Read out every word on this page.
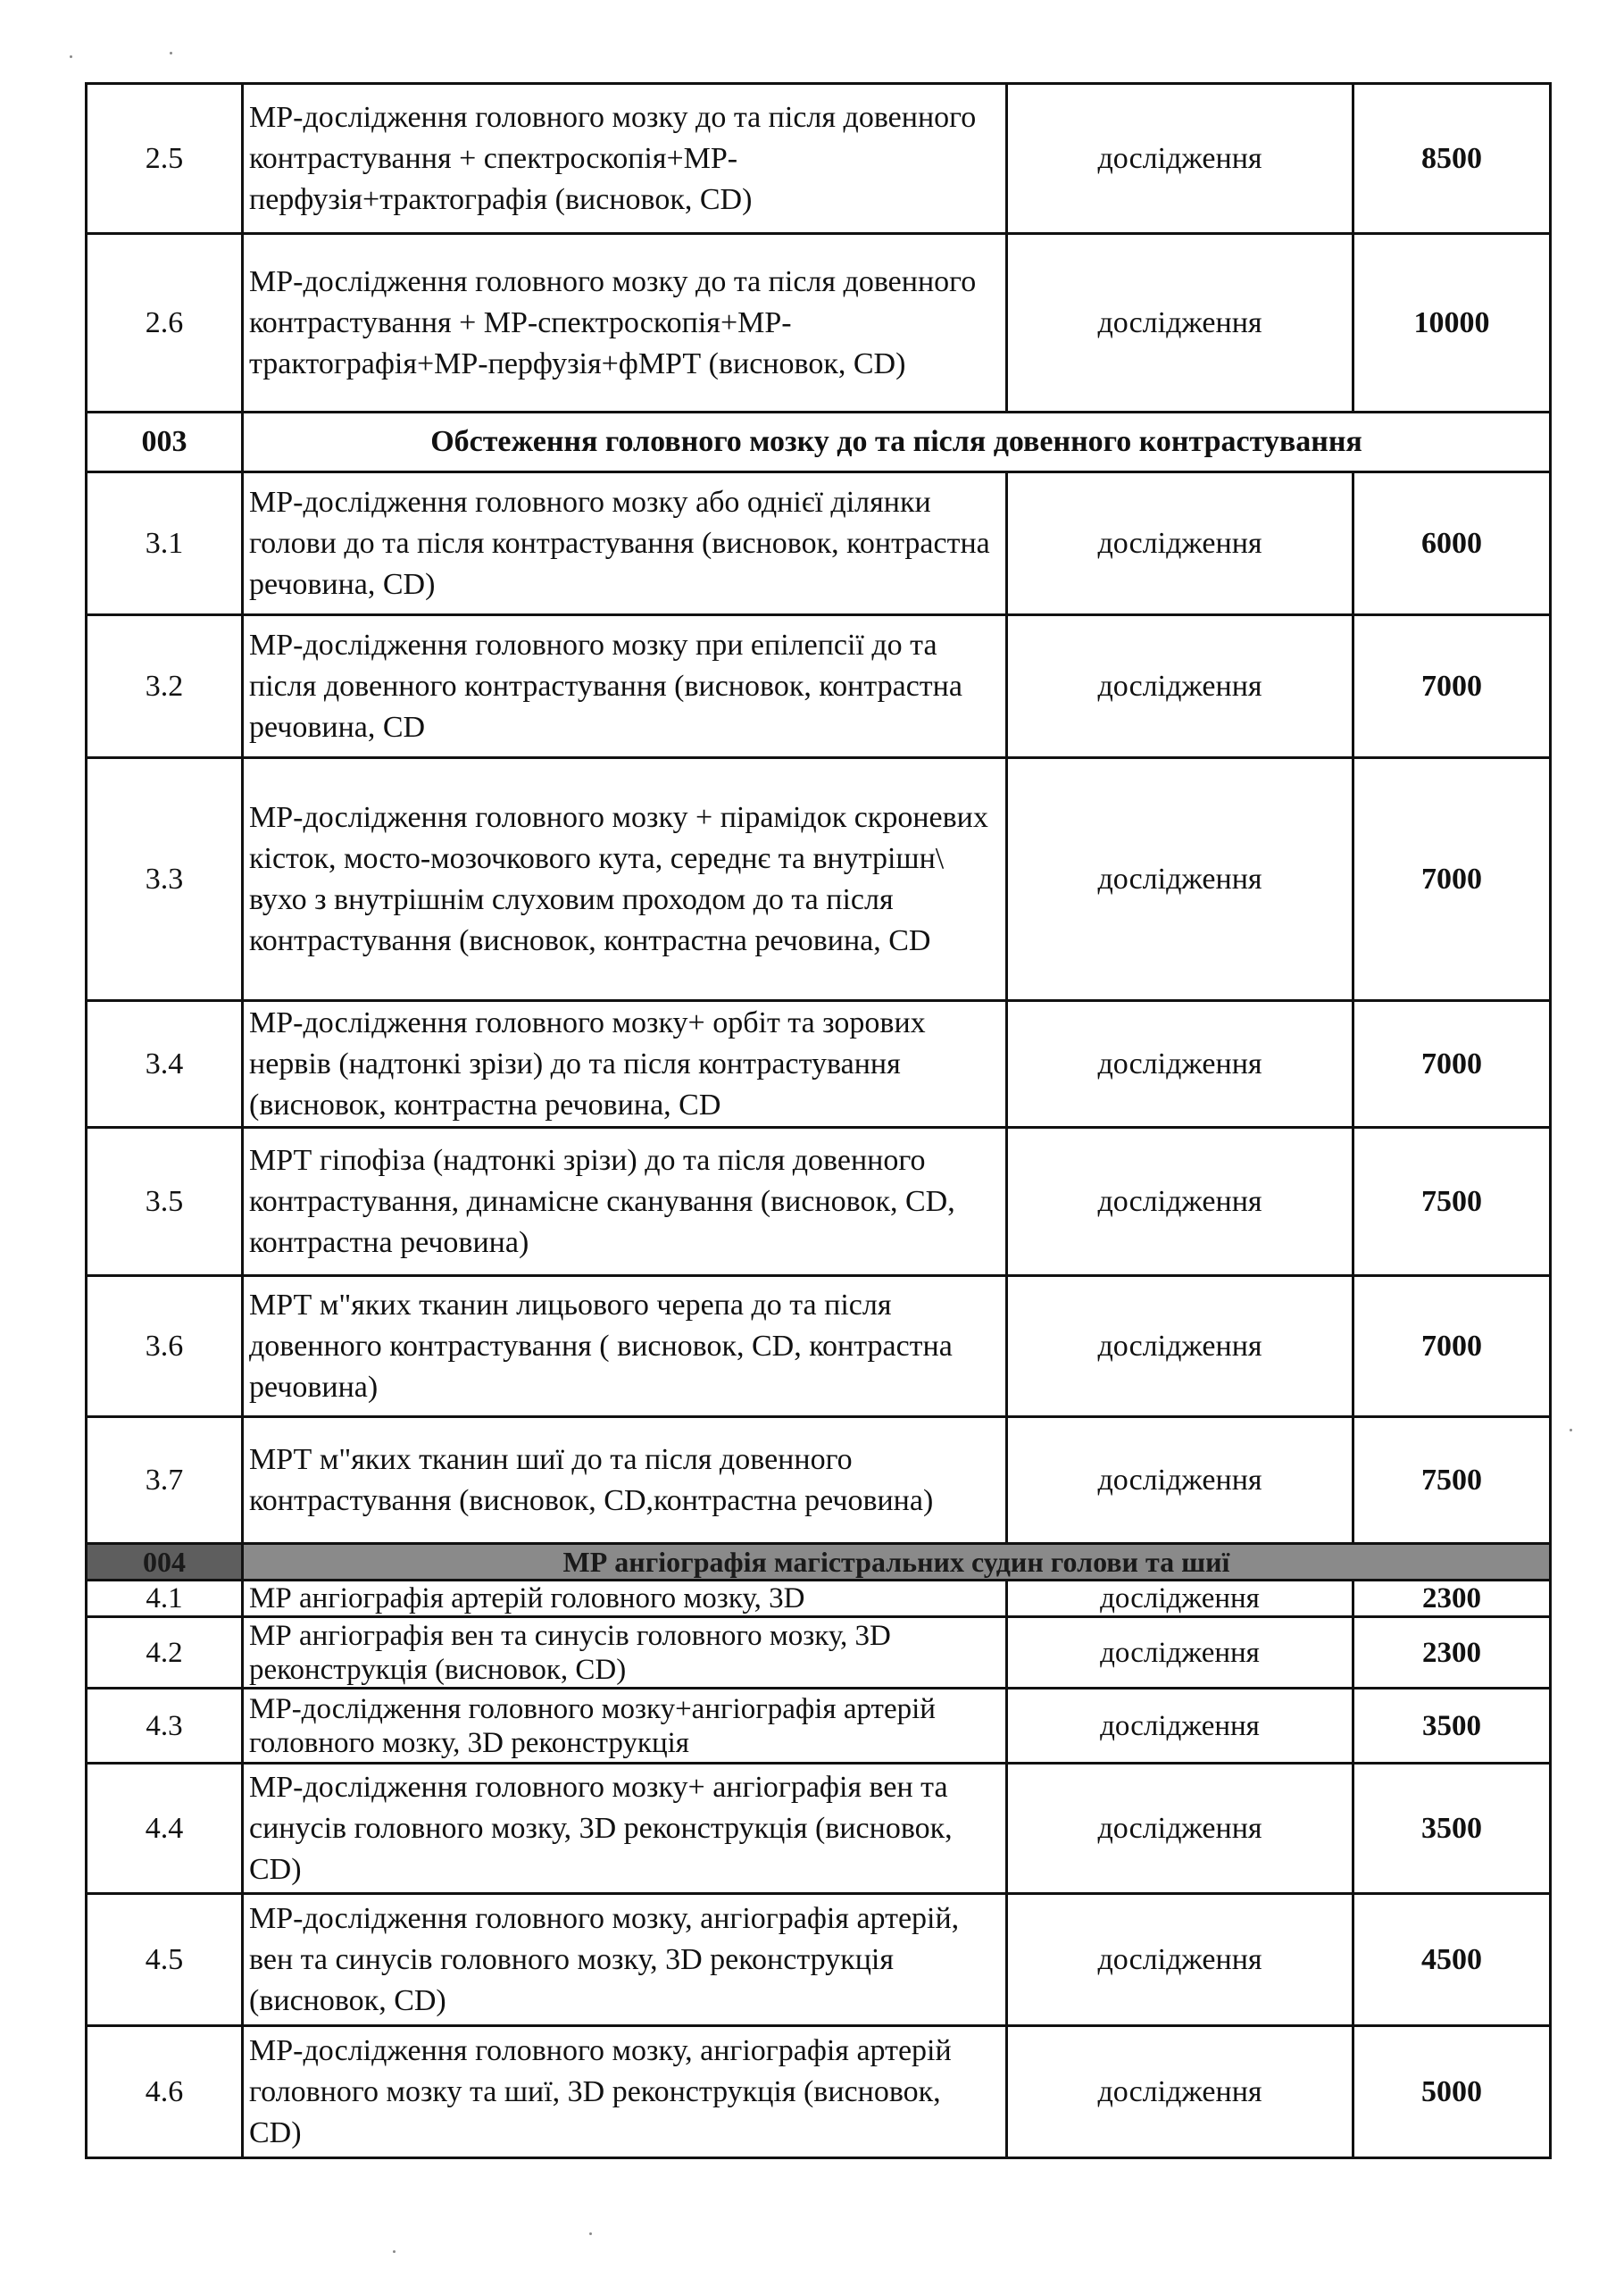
2.5	МР-дослідження головного мозку до та після довенного контрастування + спектроскопія+МР-перфузія+трактографія (висновок, CD)	дослідження	8500
2.6	МР-дослідження головного мозку до та після довенного контрастування + МР-спектроскопія+МР-трактографія+МР-перфузія+фМРТ (висновок, CD)	дослідження	10000
003	Обстеження головного мозку до та після довенного контрастування		
3.1	МР-дослідження головного мозку або однієї ділянки голови до та після контрастування (висновок, контрастна речовина, CD)	дослідження	6000
3.2	МР-дослідження головного мозку при епілепсії до та після довенного контрастування (висновок, контрастна речовина, CD	дослідження	7000
3.3	МР-дослідження головного мозку + пірамідок скроневих кісток, мосто-мозочкового кута, середнє та внутрішн\ вухо з внутрішнім слуховим проходом до та після контрастування (висновок, контрастна речовина, CD	дослідження	7000
3.4	МР-дослідження головного мозку+ орбіт та зорових нервів (надтонкі зрізи) до та після контрастування (висновок, контрастна речовина, CD	дослідження	7000
3.5	МРТ гіпофіза (надтонкі зрізи) до та після довенного контрастування, динамісне сканування (висновок, CD, контрастна речовина)	дослідження	7500
3.6	МРТ м"яких тканин лицьового черепа до та після довенного контрастування ( висновок, CD, контрастна речовина)	дослідження	7000
3.7	МРТ м"яких тканин шиї до та після довенного контрастування (висновок, CD,контрастна речовина)	дослідження	7500
004	МР ангіографія магістральних судин голови та шиї		
4.1	МР ангіографія артерій головного мозку, 3D	дослідження	2300
4.2	МР ангіографія вен та синусів головного мозку, 3D реконструкція (висновок, CD)	дослідження	2300
4.3	МР-дослідження головного мозку+ангіографія артерій головного мозку, 3D реконструкція	дослідження	3500
4.4	МР-дослідження головного мозку+ ангіографія вен та синусів головного мозку, 3D реконструкція (висновок, CD)	дослідження	3500
4.5	МР-дослідження головного мозку, ангіографія артерій, вен та синусів головного мозку, 3D реконструкція (висновок, CD)	дослідження	4500
4.6	МР-дослідження головного мозку, ангіографія артерій головного мозку та шиї, 3D реконструкція (висновок, CD)	дослідження	5000
